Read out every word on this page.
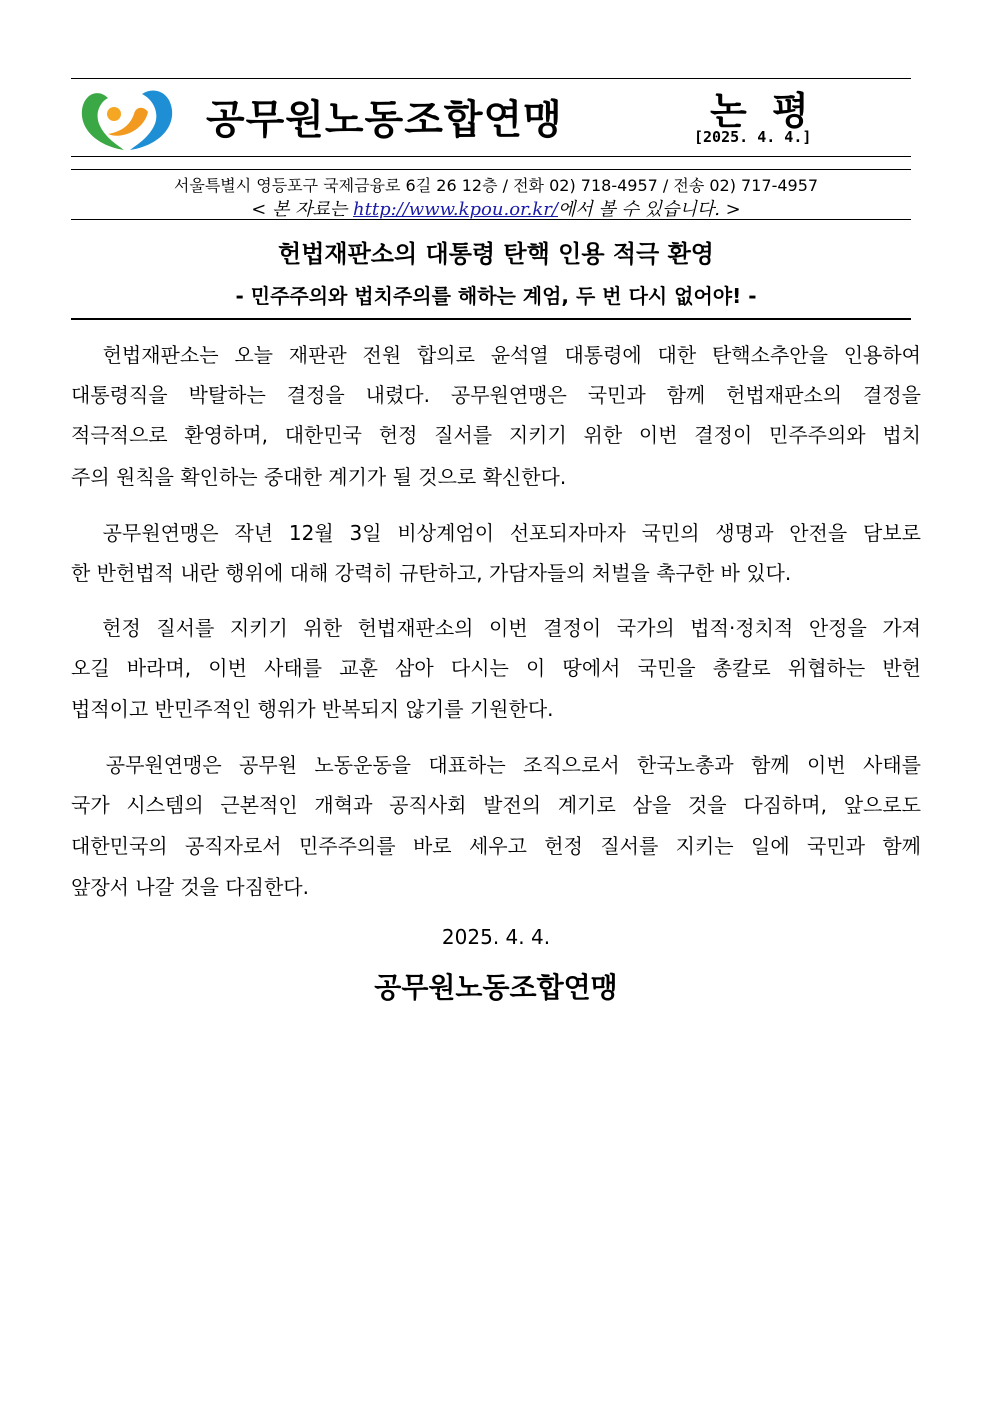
공무원노동조합연맹	논 평
[2025. 4. 4.]
서울특별시 영등포구 국제금융로 6길 26 12층 / 전화 02) 718-4957 / 전송 02) 717-4957
< 본 자료는 http://www.kpou.or.kr/에서 볼 수 있습니다. >
헌법재판소의 대통령 탄핵 인용 적극 환영
- 민주주의와 법치주의를 해하는 계엄, 두 번 다시 없어야! -
헌법재판소는 오늘 재판관 전원 합의로 윤석열 대통령에 대한 탄핵소추안을 인용하여
대통령직을 박탈하는 결정을 내렸다. 공무원연맹은 국민과 함께 헌법재판소의 결정을
적극적으로 환영하며, 대한민국 헌정 질서를 지키기 위한 이번 결정이 민주주의와 법치
주의 원칙을 확인하는 중대한 계기가 될 것으로 확신한다.
공무원연맹은 작년 12월 3일 비상계엄이 선포되자마자 국민의 생명과 안전을 담보로
한 반헌법적 내란 행위에 대해 강력히 규탄하고, 가담자들의 처벌을 촉구한 바 있다.
헌정 질서를 지키기 위한 헌법재판소의 이번 결정이 국가의 법적·정치적 안정을 가져
오길 바라며, 이번 사태를 교훈 삼아 다시는 이 땅에서 국민을 총칼로 위협하는 반헌
법적이고 반민주적인 행위가 반복되지 않기를 기원한다.
공무원연맹은 공무원 노동운동을 대표하는 조직으로서 한국노총과 함께 이번 사태를
국가 시스템의 근본적인 개혁과 공직사회 발전의 계기로 삼을 것을 다짐하며, 앞으로도
대한민국의 공직자로서 민주주의를 바로 세우고 헌정 질서를 지키는 일에 국민과 함께
앞장서 나갈 것을 다짐한다.
2025. 4. 4.
공무원노동조합연맹
